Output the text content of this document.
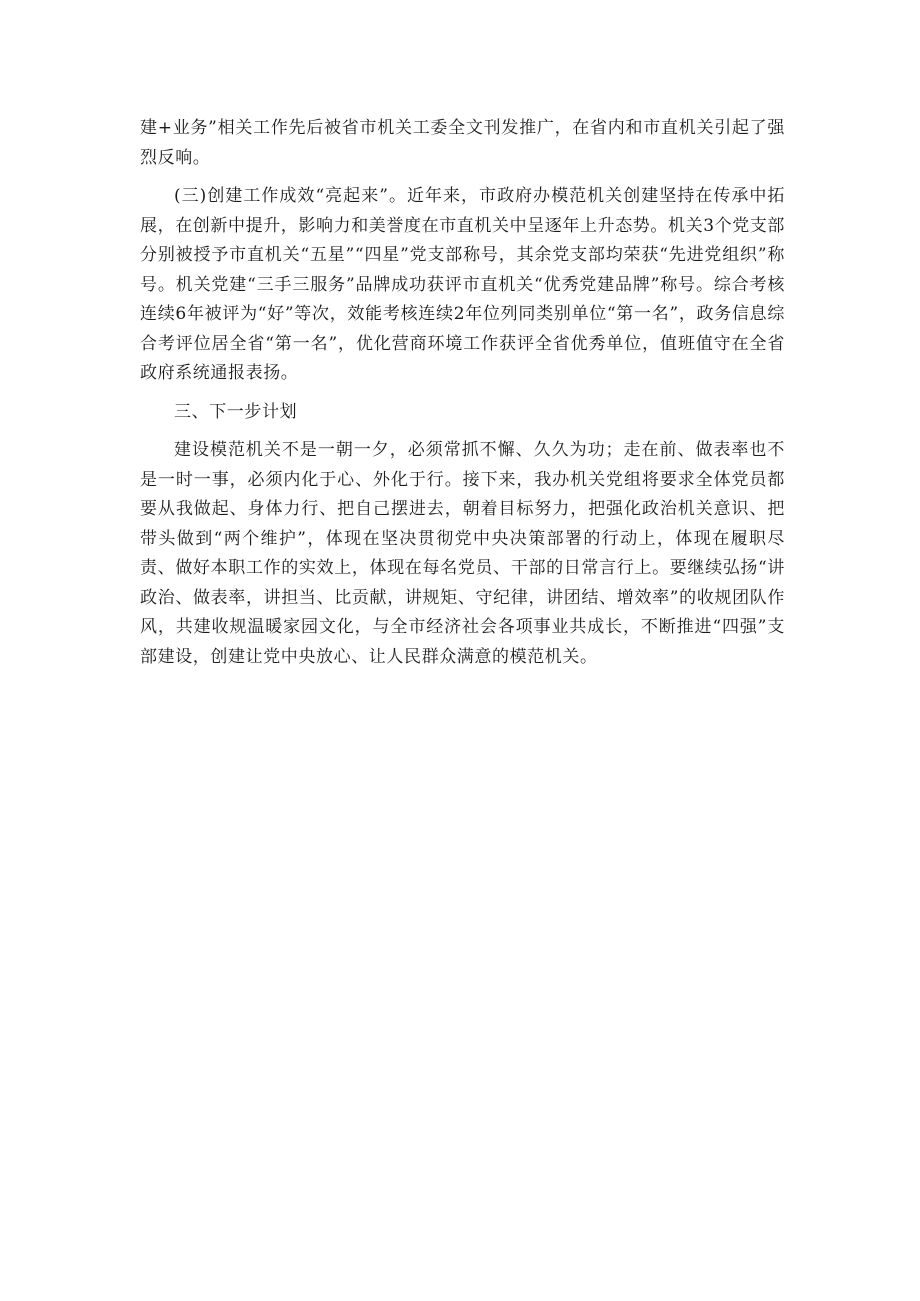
建+业务”相关工作先后被省市机关工委全文刊发推广，在省内和市直机关引起了强烈反响。

(三)创建工作成效“亮起来”。近年来，市政府办模范机关创建坚持在传承中拓展，在创新中提升，影响力和美誉度在市直机关中呈逐年上升态势。机关3个党支部分别被授予市直机关“五星”“四星”党支部称号，其余党支部均荣获“先进党组织”称号。机关党建“三手三服务”品牌成功获评市直机关“优秀党建品牌”称号。综合考核连续6年被评为“好”等次，效能考核连续2年位列同类别单位“第一名”，政务信息综合考评位居全省“第一名”，优化营商环境工作获评全省优秀单位，值班值守在全省政府系统通报表扬。

三、下一步计划

建设模范机关不是一朝一夕，必须常抓不懈、久久为功；走在前、做表率也不是一时一事，必须内化于心、外化于行。接下来，我办机关党组将要求全体党员都要从我做起、身体力行、把自己摆进去，朝着目标努力，把强化政治机关意识、把带头做到“两个维护”，体现在坚决贯彻党中央决策部署的行动上，体现在履职尽责、做好本职工作的实效上，体现在每名党员、干部的日常言行上。要继续弘扬“讲政治、做表率，讲担当、比贡献，讲规矩、守纪律，讲团结、增效率”的收规团队作风，共建收规温暖家园文化，与全市经济社会各项事业共成长，不断推进“四强”支部建设，创建让党中央放心、让人民群众满意的模范机关。
